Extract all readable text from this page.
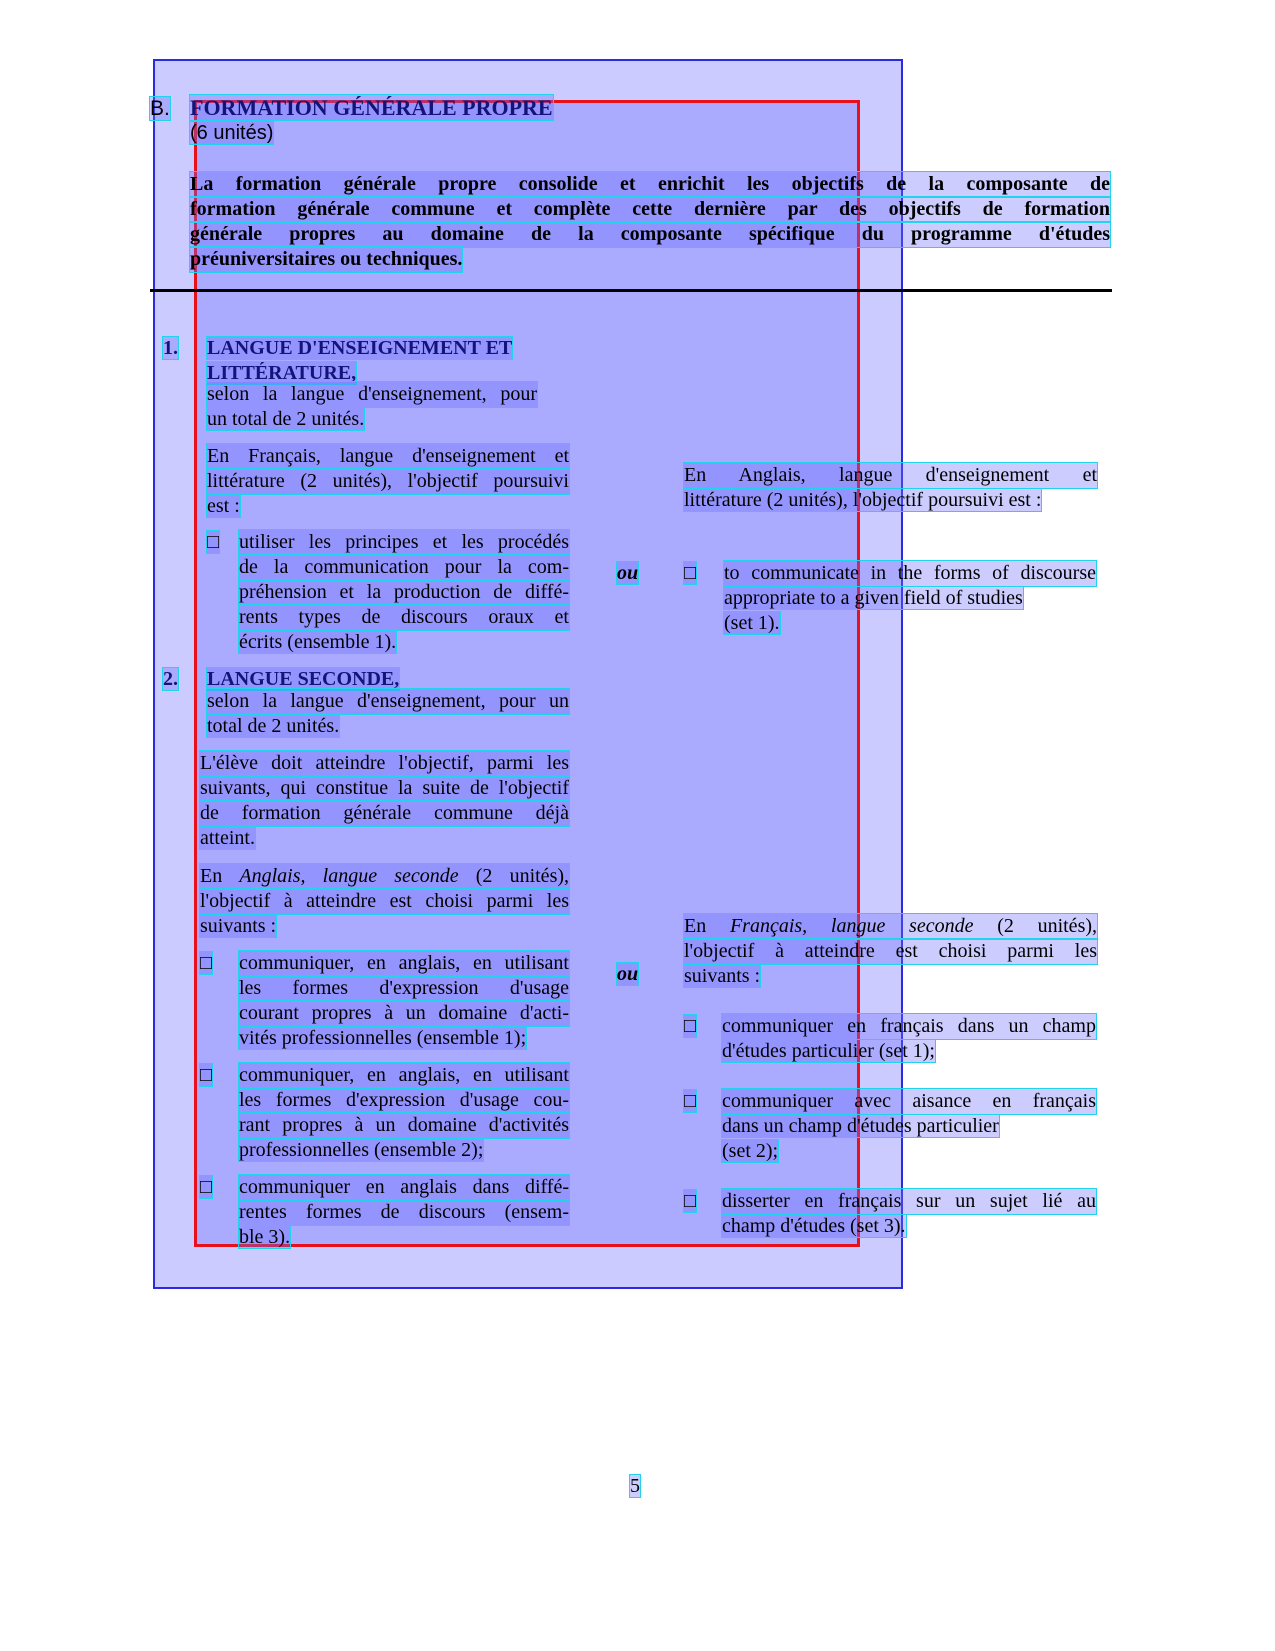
B. FORMATION GÉNÉRALE PROPRE
(6 unités)
La formation générale propre consolide et enrichit les objectifs de la composante de
formation générale commune et complète cette dernière par des objectifs de formation
générale propres au domaine de la composante spécifique du programme d'études
préuniversitaires ou techniques.
1. LANGUE D'ENSEIGNEMENT ET
LITTÉRATURE,
selon la langue d'enseignement, pour
un total de 2 unités.
En Français, langue d'enseignement et
littérature (2 unités), l'objectif poursuivi
est :
En Anglais, langue d'enseignement et
littérature (2 unités), l'objectif poursuivi est :
□ utiliser les principes et les procédés
de la communication pour la com-
préhension et la production de diffé-
rents types de discours oraux et
écrits (ensemble 1).
ou □ to communicate in the forms of discourse
appropriate to a given field of studies
(set 1).
2. LANGUE SECONDE,
selon la langue d'enseignement, pour un
total de 2 unités.
L'élève doit atteindre l'objectif, parmi les
suivants, qui constitue la suite de l'objectif
de formation générale commune déjà
atteint.
En Anglais, langue seconde (2 unités),
l'objectif à atteindre est choisi parmi les
suivants :	En Français, langue seconde (2 unités),
l'objectif à atteindre est choisi parmi les
suivants :
ou
□ communiquer, en anglais, en utilisant
les formes d'expression d'usage
courant propres à un domaine d'acti-
vités professionnelles (ensemble 1);
□ communiquer, en anglais, en utilisant
les formes d'expression d'usage cou-
rant propres à un domaine d'activités
professionnelles (ensemble 2);
□ communiquer en anglais dans diffé-
rentes formes de discours (ensem-
ble 3).
□ communiquer en français dans un champ
d'études particulier (set 1);
□ communiquer avec aisance en français
dans un champ d'études particulier
(set 2);
□ disserter en français sur un sujet lié au
champ d'études (set 3).
5
